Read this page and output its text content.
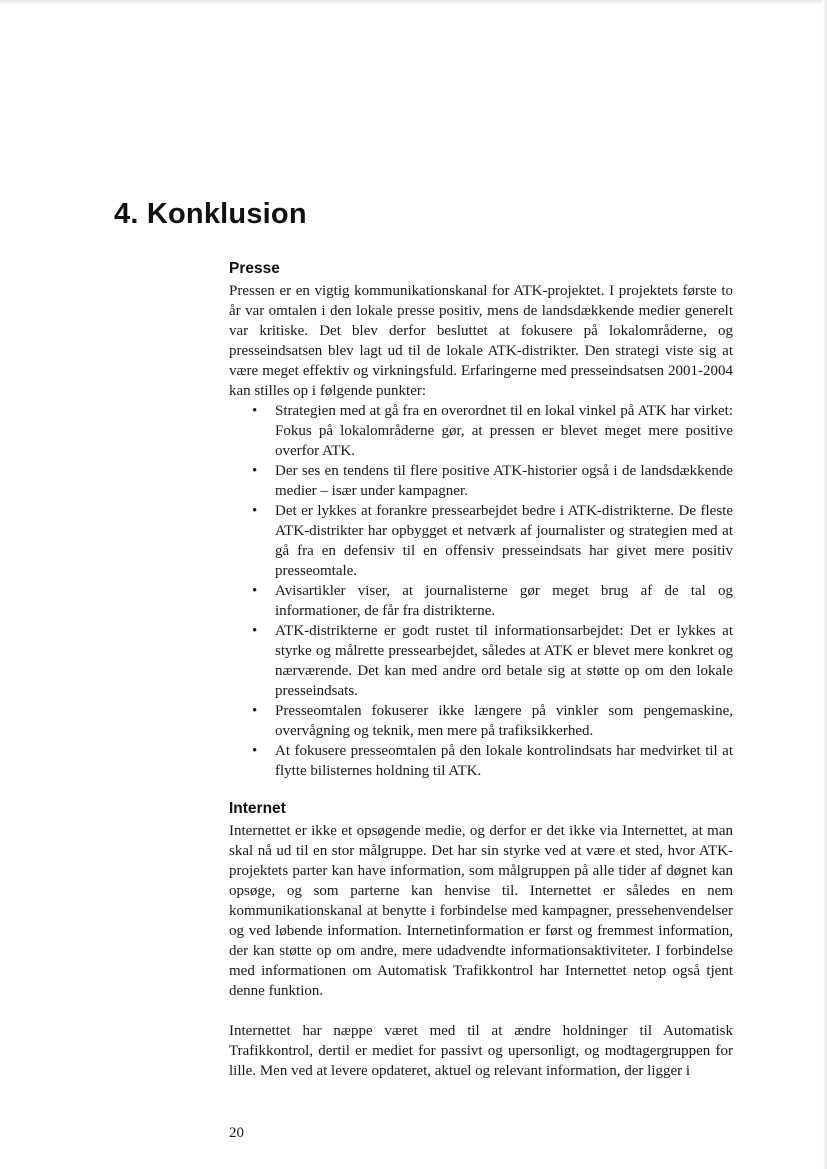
4. Konklusion
Presse

Pressen er en vigtig kommunikationskanal for ATK-projektet. I projektets første to år var omtalen i den lokale presse positiv, mens de landsdækkende medier generelt var kritiske. Det blev derfor besluttet at fokusere på lokalområderne, og presseindsatsen blev lagt ud til de lokale ATK-distrikter. Den strategi viste sig at være meget effektiv og virkningsfuld. Erfaringerne med presseindsatsen 2001-2004 kan stilles op i følgende punkter:

• Strategien med at gå fra en overordnet til en lokal vinkel på ATK har virket: Fokus på lokalområderne gør, at pressen er blevet meget mere positive overfor ATK.
• Der ses en tendens til flere positive ATK-historier også i de landsdækkende medier – især under kampagner.
• Det er lykkes at forankre pressearbejdet bedre i ATK-distrikterne. De fleste ATK-distrikter har opbygget et netværk af journalister og strategien med at gå fra en defensiv til en offensiv presseindsats har givet mere positiv presseomtale.
• Avisartikler viser, at journalisterne gør meget brug af de tal og informationer, de får fra distrikterne.
• ATK-distrikterne er godt rustet til informationsarbejdet: Det er lykkes at styrke og målrette pressearbejdet, således at ATK er blevet mere konkret og nærværende. Det kan med andre ord betale sig at støtte op om den lokale presseindsats.
• Presseomtalen fokuserer ikke længere på vinkler som pengemaskine, overvågning og teknik, men mere på trafiksikkerhed.
• At fokusere presseomtalen på den lokale kontrolindsats har medvirket til at flytte bilisternes holdning til ATK.
Internet

Internettet er ikke et opsøgende medie, og derfor er det ikke via Internettet, at man skal nå ud til en stor målgruppe. Det har sin styrke ved at være et sted, hvor ATK-projektets parter kan have information, som målgruppen på alle tider af døgnet kan opsøge, og som parterne kan henvise til. Internettet er således en nem kommunikationskanal at benytte i forbindelse med kampagner, pressehenvendelser og ved løbende information. Internetinformation er først og fremmest information, der kan støtte op om andre, mere udadvendte informationsaktiviteter. I forbindelse med informationen om Automatisk Trafikkontrol har Internettet netop også tjent denne funktion.

Internettet har næppe været med til at ændre holdninger til Automatisk Trafikkontrol, dertil er mediet for passivt og upersonligt, og modtagergruppen for lille. Men ved at levere opdateret, aktuel og relevant information, der ligger i

20
